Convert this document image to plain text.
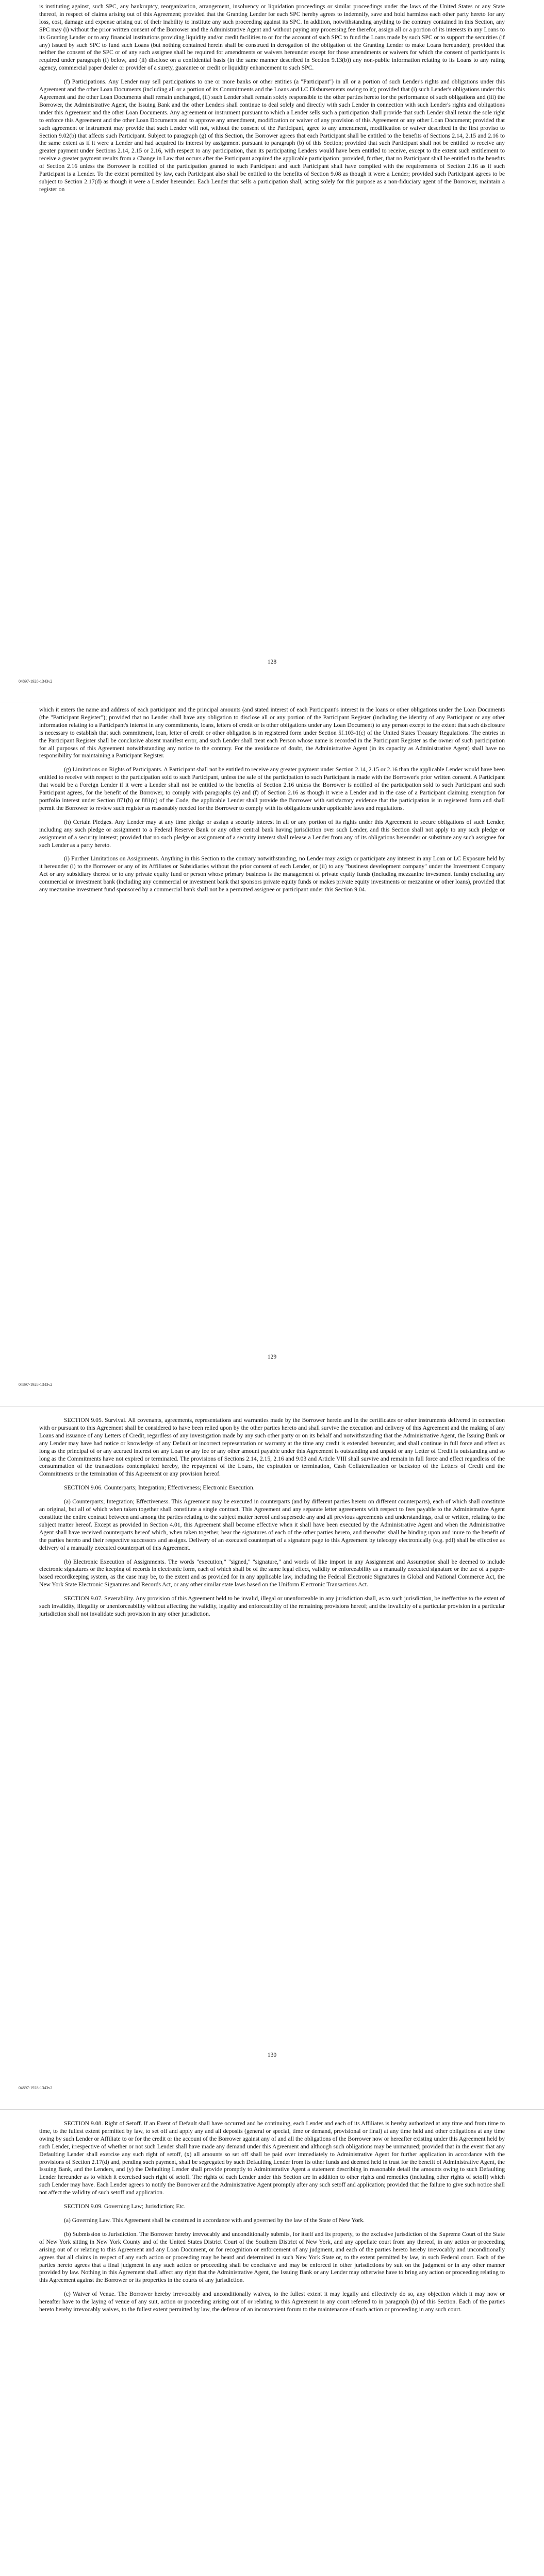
is instituting against, such SPC, any bankruptcy, reorganization, arrangement, insolvency or liquidation proceedings or similar proceedings under the laws of the United States or any State thereof, in respect of claims arising out of this Agreement; provided that the Granting Lender for each SPC hereby agrees to indemnify, save and hold harmless each other party hereto for any loss, cost, damage and expense arising out of their inability to institute any such proceeding against its SPC. In addition, notwithstanding anything to the contrary contained in this Section, any SPC may (i) without the prior written consent of the Borrower and the Administrative Agent and without paying any processing fee therefor, assign all or a portion of its interests in any Loans to its Granting Lender or to any financial institutions providing liquidity and/or credit facilities to or for the account of such SPC to fund the Loans made by such SPC or to support the securities (if any) issued by such SPC to fund such Loans (but nothing contained herein shall be construed in derogation of the obligation of the Granting Lender to make Loans hereunder); provided that neither the consent of the SPC or of any such assignee shall be required for amendments or waivers hereunder except for those amendments or waivers for which the consent of participants is required under paragraph (f) below, and (ii) disclose on a confidential basis (in the same manner described in Section 9.13(b)) any non-public information relating to its Loans to any rating agency, commercial paper dealer or provider of a surety, guarantee or credit or liquidity enhancement to such SPC.

(f) Participations. Any Lender may sell participations to one or more banks or other entities (a "Participant") in all or a portion of such Lender's rights and obligations under this Agreement and the other Loan Documents (including all or a portion of its Commitments and the Loans and LC Disbursements owing to it); provided that (i) such Lender's obligations under this Agreement and the other Loan Documents shall remain unchanged, (ii) such Lender shall remain solely responsible to the other parties hereto for the performance of such obligations and (iii) the Borrower, the Administrative Agent, the Issuing Bank and the other Lenders shall continue to deal solely and directly with such Lender in connection with such Lender's rights and obligations under this Agreement and the other Loan Documents. Any agreement or instrument pursuant to which a Lender sells such a participation shall provide that such Lender shall retain the sole right to enforce this Agreement and the other Loan Documents and to approve any amendment, modification or waiver of any provision of this Agreement or any other Loan Document; provided that such agreement or instrument may provide that such Lender will not, without the consent of the Participant, agree to any amendment, modification or waiver described in the first proviso to Section 9.02(b) that affects such Participant. Subject to paragraph (g) of this Section, the Borrower agrees that each Participant shall be entitled to the benefits of Sections 2.14, 2.15 and 2.16 to the same extent as if it were a Lender and had acquired its interest by assignment pursuant to paragraph (b) of this Section; provided that such Participant shall not be entitled to receive any greater payment under Sections 2.14, 2.15 or 2.16, with respect to any participation, than its participating Lenders would have been entitled to receive, except to the extent such entitlement to receive a greater payment results from a Change in Law that occurs after the Participant acquired the applicable participation; provided, further, that no Participant shall be entitled to the benefits of Section 2.16 unless the Borrower is notified of the participation granted to such Participant and such Participant shall have complied with the requirements of Section 2.16 as if such Participant is a Lender. To the extent permitted by law, each Participant also shall be entitled to the benefits of Section 9.08 as though it were a Lender; provided such Participant agrees to be subject to Section 2.17(d) as though it were a Lender hereunder. Each Lender that sells a participation shall, acting solely for this purpose as a non-fiduciary agent of the Borrower, maintain a register on

128
04897-1928-1343v2

which it enters the name and address of each participant and the principal amounts (and stated interest of each Participant's interest in the loans or other obligations under the Loan Documents (the "Participant Register"); provided that no Lender shall have any obligation to disclose all or any portion of the Participant Register (including the identity of any Participant or any other information relating to a Participant's interest in any commitments, loans, letters of credit or is other obligations under any Loan Document) to any person except to the extent that such disclosure is necessary to establish that such commitment, loan, letter of credit or other obligation is in registered form under Section 5f.103-1(c) of the United States Treasury Regulations. The entries in the Participant Register shall be conclusive absent manifest error, and such Lender shall treat each Person whose name is recorded in the Participant Register as the owner of such participation for all purposes of this Agreement notwithstanding any notice to the contrary. For the avoidance of doubt, the Administrative Agent (in its capacity as Administrative Agent) shall have no responsibility for maintaining a Participant Register.

(g) Limitations on Rights of Participants. A Participant shall not be entitled to receive any greater payment under Section 2.14, 2.15 or 2.16 than the applicable Lender would have been entitled to receive with respect to the participation sold to such Participant, unless the sale of the participation to such Participant is made with the Borrower's prior written consent. A Participant that would be a Foreign Lender if it were a Lender shall not be entitled to the benefits of Section 2.16 unless the Borrower is notified of the participation sold to such Participant and such Participant agrees, for the benefit of the Borrower, to comply with paragraphs (e) and (f) of Section 2.16 as though it were a Lender and in the case of a Participant claiming exemption for portfolio interest under Section 871(h) or 881(c) of the Code, the applicable Lender shall provide the Borrower with satisfactory evidence that the participation is in registered form and shall permit the Borrower to review such register as reasonably needed for the Borrower to comply with its obligations under applicable laws and regulations.

(h) Certain Pledges. Any Lender may at any time pledge or assign a security interest in all or any portion of its rights under this Agreement to secure obligations of such Lender, including any such pledge or assignment to a Federal Reserve Bank or any other central bank having jurisdiction over such Lender, and this Section shall not apply to any such pledge or assignment of a security interest; provided that no such pledge or assignment of a security interest shall release a Lender from any of its obligations hereunder or substitute any such assignee for such Lender as a party hereto.

(i) Further Limitations on Assignments. Anything in this Section to the contrary notwithstanding, no Lender may assign or participate any interest in any Loan or LC Exposure held by it hereunder (i) to the Borrower or any of its Affiliates or Subsidiaries without the prior consent of each Lender, or (ii) to any "business development company" under the Investment Company Act or any subsidiary thereof or to any private equity fund or person whose primary business is the management of private equity funds (including mezzanine investment funds) excluding any commercial or investment bank (including any commercial or investment bank that sponsors private equity funds or makes private equity investments or mezzanine or other loans), provided that any mezzanine investment fund sponsored by a commercial bank shall not be a permitted assignee or participant under this Section 9.04.

129
04897-1928-1343v2

SECTION 9.05. Survival. All covenants, agreements, representations and warranties made by the Borrower herein and in the certificates or other instruments delivered in connection with or pursuant to this Agreement shall be considered to have been relied upon by the other parties hereto and shall survive the execution and delivery of this Agreement and the making of any Loans and issuance of any Letters of Credit, regardless of any investigation made by any such other party or on its behalf and notwithstanding that the Administrative Agent, the Issuing Bank or any Lender may have had notice or knowledge of any Default or incorrect representation or warranty at the time any credit is extended hereunder, and shall continue in full force and effect as long as the principal of or any accrued interest on any Loan or any fee or any other amount payable under this Agreement is outstanding and unpaid or any Letter of Credit is outstanding and so long as the Commitments have not expired or terminated. The provisions of Sections 2.14, 2.15, 2.16 and 9.03 and Article VIII shall survive and remain in full force and effect regardless of the consummation of the transactions contemplated hereby, the repayment of the Loans, the expiration or termination, Cash Collateralization or backstop of the Letters of Credit and the Commitments or the termination of this Agreement or any provision hereof.

SECTION 9.06. Counterparts; Integration; Effectiveness; Electronic Execution.

(a) Counterparts; Integration; Effectiveness. This Agreement may be executed in counterparts (and by different parties hereto on different counterparts), each of which shall constitute an original, but all of which when taken together shall constitute a single contract. This Agreement and any separate letter agreements with respect to fees payable to the Administrative Agent constitute the entire contract between and among the parties relating to the subject matter hereof and supersede any and all previous agreements and understandings, oral or written, relating to the subject matter hereof. Except as provided in Section 4.01, this Agreement shall become effective when it shall have been executed by the Administrative Agent and when the Administrative Agent shall have received counterparts hereof which, when taken together, bear the signatures of each of the other parties hereto, and thereafter shall be binding upon and inure to the benefit of the parties hereto and their respective successors and assigns. Delivery of an executed counterpart of a signature page to this Agreement by telecopy electronically (e.g. pdf) shall be effective as delivery of a manually executed counterpart of this Agreement.

(b) Electronic Execution of Assignments. The words "execution," "signed," "signature," and words of like import in any Assignment and Assumption shall be deemed to include electronic signatures or the keeping of records in electronic form, each of which shall be of the same legal effect, validity or enforceability as a manually executed signature or the use of a paper-based recordkeeping system, as the case may be, to the extent and as provided for in any applicable law, including the Federal Electronic Signatures in Global and National Commerce Act, the New York State Electronic Signatures and Records Act, or any other similar state laws based on the Uniform Electronic Transactions Act.

SECTION 9.07. Severability. Any provision of this Agreement held to be invalid, illegal or unenforceable in any jurisdiction shall, as to such jurisdiction, be ineffective to the extent of such invalidity, illegality or unenforceability without affecting the validity, legality and enforceability of the remaining provisions hereof; and the invalidity of a particular provision in a particular jurisdiction shall not invalidate such provision in any other jurisdiction.

130
04897-1928-1343v2

SECTION 9.08. Right of Setoff. If an Event of Default shall have occurred and be continuing, each Lender and each of its Affiliates is hereby authorized at any time and from time to time, to the fullest extent permitted by law, to set off and apply any and all deposits (general or special, time or demand, provisional or final) at any time held and other obligations at any time owing by such Lender or Affiliate to or for the credit or the account of the Borrower against any of and all the obligations of the Borrower now or hereafter existing under this Agreement held by such Lender, irrespective of whether or not such Lender shall have made any demand under this Agreement and although such obligations may be unmatured; provided that in the event that any Defaulting Lender shall exercise any such right of setoff, (x) all amounts so set off shall be paid over immediately to Administrative Agent for further application in accordance with the provisions of Section 2.17(d) and, pending such payment, shall be segregated by such Defaulting Lender from its other funds and deemed held in trust for the benefit of Administrative Agent, the Issuing Bank, and the Lenders, and (y) the Defaulting Lender shall provide promptly to Administrative Agent a statement describing in reasonable detail the amounts owing to such Defaulting Lender hereunder as to which it exercised such right of setoff. The rights of each Lender under this Section are in addition to other rights and remedies (including other rights of setoff) which such Lender may have. Each Lender agrees to notify the Borrower and the Administrative Agent promptly after any such setoff and application; provided that the failure to give such notice shall not affect the validity of such setoff and application.

SECTION 9.09. Governing Law; Jurisdiction; Etc.

(a) Governing Law. This Agreement shall be construed in accordance with and governed by the law of the State of New York.

(b) Submission to Jurisdiction. The Borrower hereby irrevocably and unconditionally submits, for itself and its property, to the exclusive jurisdiction of the Supreme Court of the State of New York sitting in New York County and of the United States District Court of the Southern District of New York, and any appellate court from any thereof, in any action or proceeding arising out of or relating to this Agreement and any Loan Document, or for recognition or enforcement of any judgment, and each of the parties hereto hereby irrevocably and unconditionally agrees that all claims in respect of any such action or proceeding may be heard and determined in such New York State or, to the extent permitted by law, in such Federal court. Each of the parties hereto agrees that a final judgment in any such action or proceeding shall be conclusive and may be enforced in other jurisdictions by suit on the judgment or in any other manner provided by law. Nothing in this Agreement shall affect any right that the Administrative Agent, the Issuing Bank or any Lender may otherwise have to bring any action or proceeding relating to this Agreement against the Borrower or its properties in the courts of any jurisdiction.

(c) Waiver of Venue. The Borrower hereby irrevocably and unconditionally waives, to the fullest extent it may legally and effectively do so, any objection which it may now or hereafter have to the laying of venue of any suit, action or proceeding arising out of or relating to this Agreement in any court referred to in paragraph (b) of this Section. Each of the parties hereto hereby irrevocably waives, to the fullest extent permitted by law, the defense of an inconvenient forum to the maintenance of such action or proceeding in any such court.
